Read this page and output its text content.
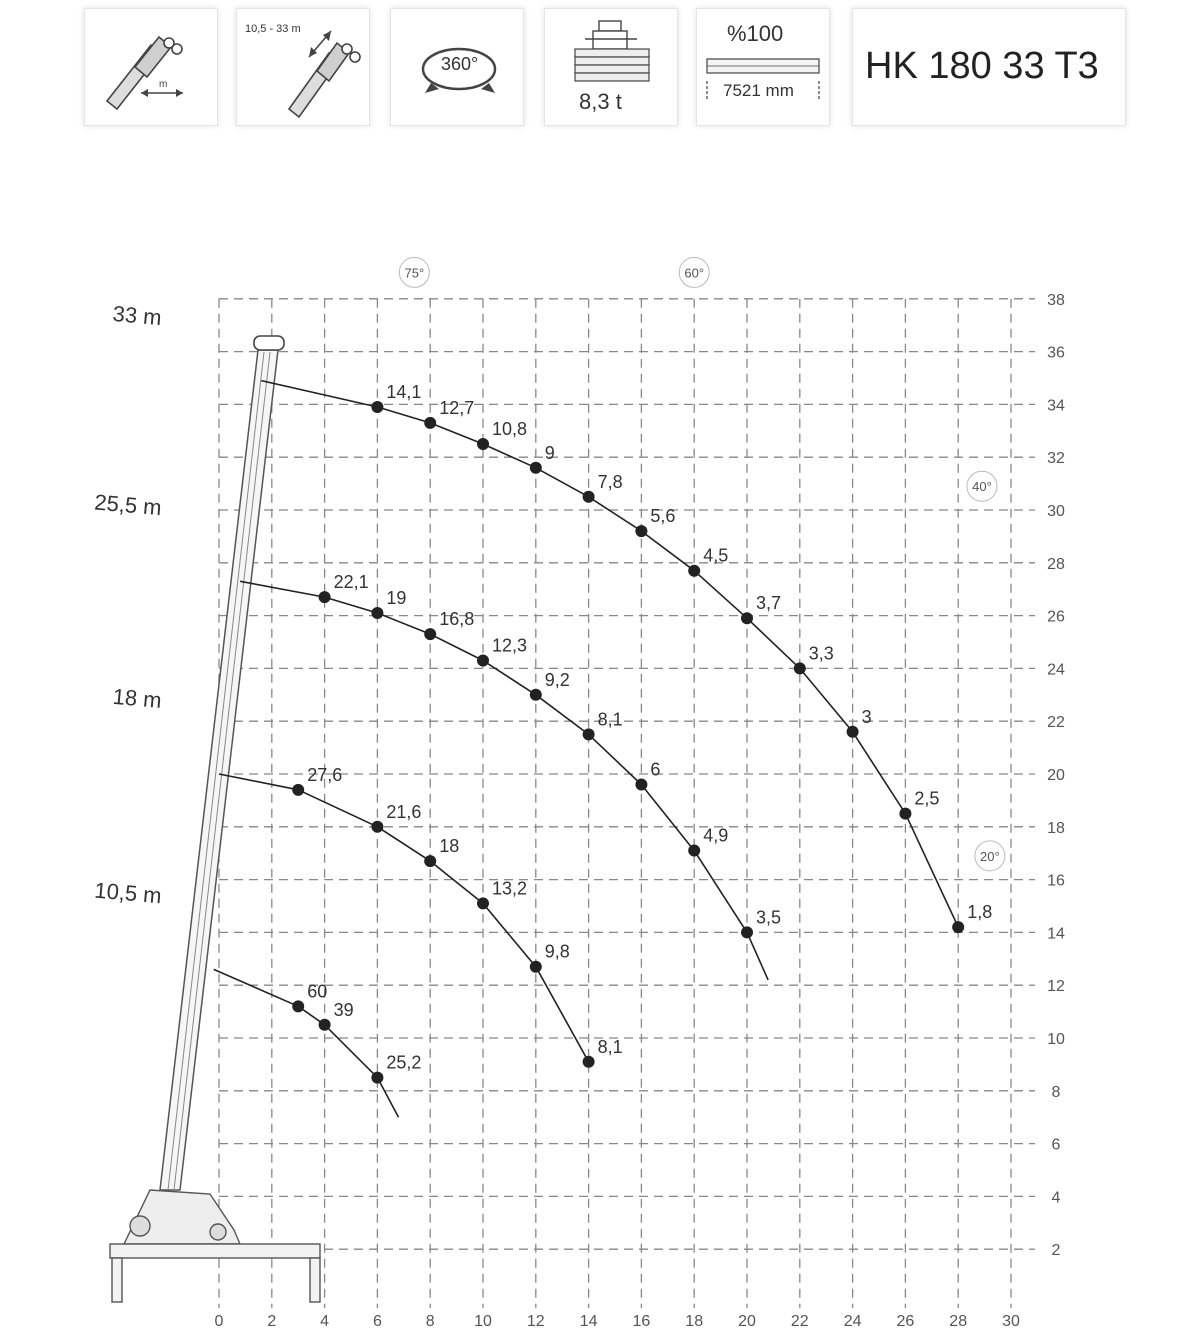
m
10,5 - 33 m
360°
8,3 t
%100
7521 mm
HK 180 33 T3
0	2	4	6	8 10 12 14 16 18 20 22 24 26 28 30
2
4
6
8
10
12
14
16
18
20
22
24
26
28
30
32
34
36
38
33 m
25,5 m
18 m
10,5 m
75°	60°
40°
20°
14,1
12,7
10,8
9
7,8
5,6
4,5
3,7
3,3
3
2,5
1,8
22,1
19
16,8
12,3
9,2
8,1
6
4,9
3,5
27,6
21,6
18
13,2
9,8
8,1
60
39
25,2
